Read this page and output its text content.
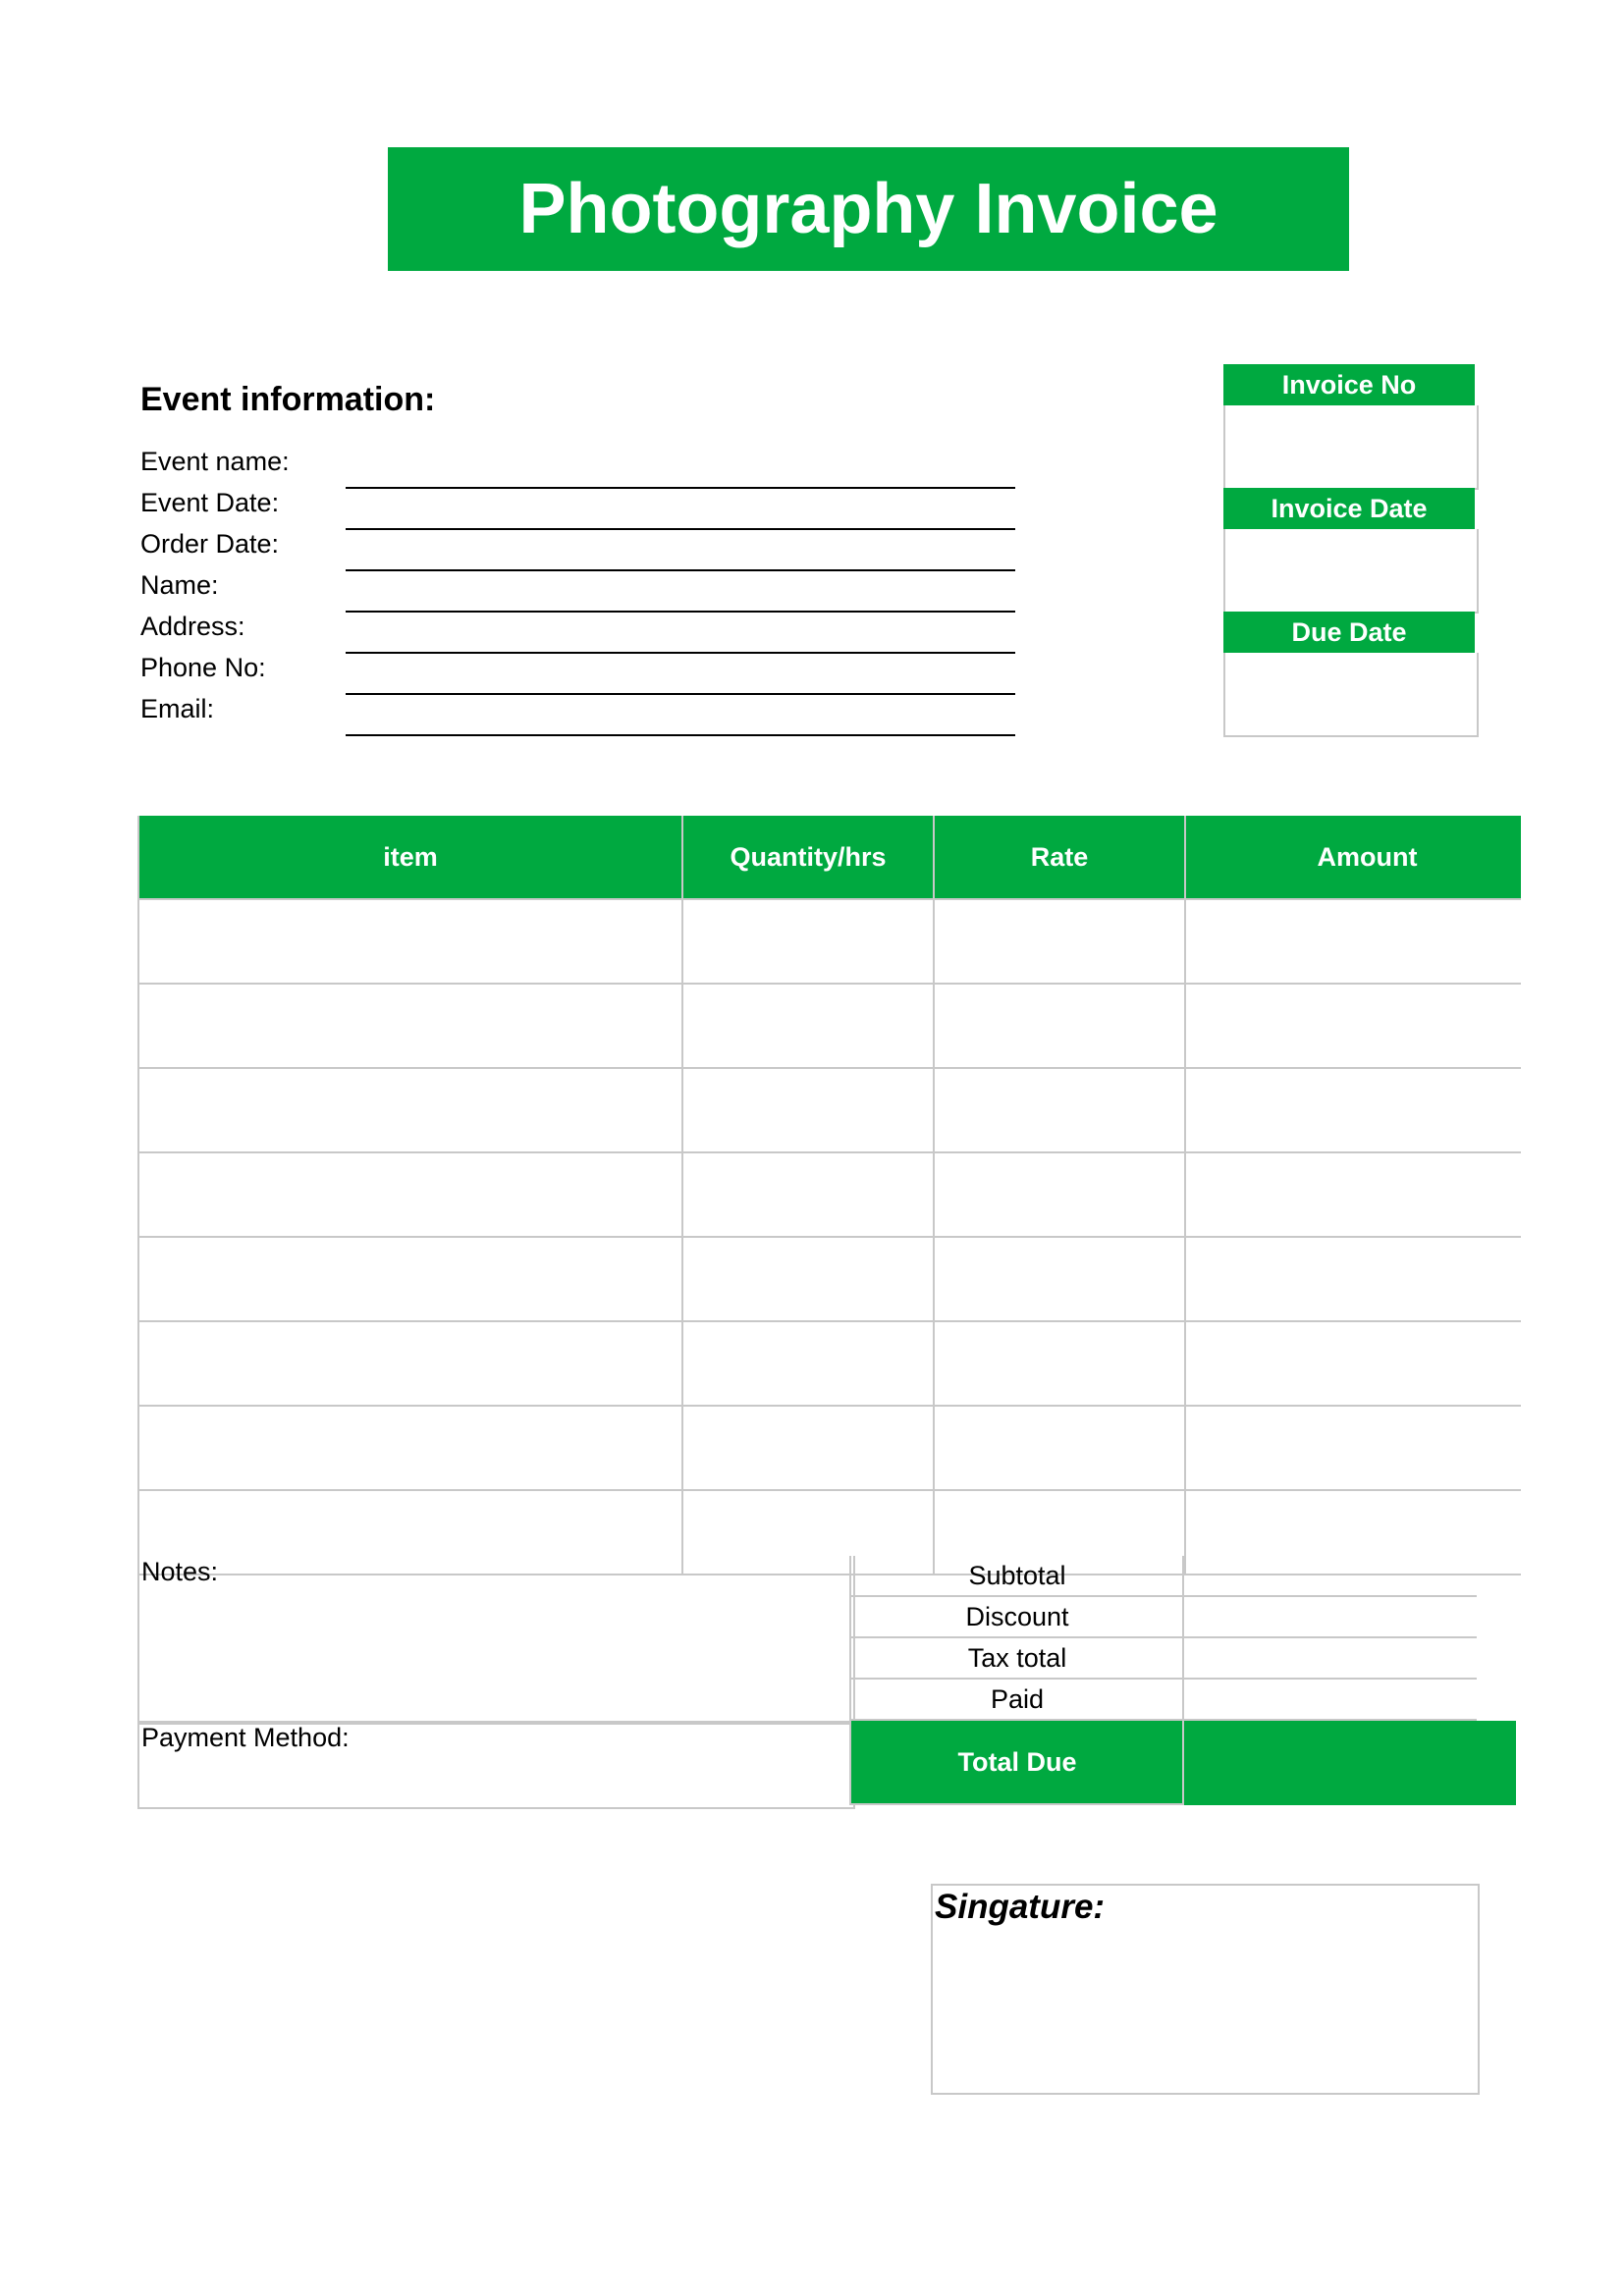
Photography Invoice
Event information:
Event name:
Event Date:
Order Date:
Name:
Address:
Phone No:
Email:
Invoice No
Invoice Date
Due Date
item	Quantity/hrs	Rate	Amount

Notes:
Payment Method:
Subtotal
Discount
Tax total
Paid
Total Due
Singature:
